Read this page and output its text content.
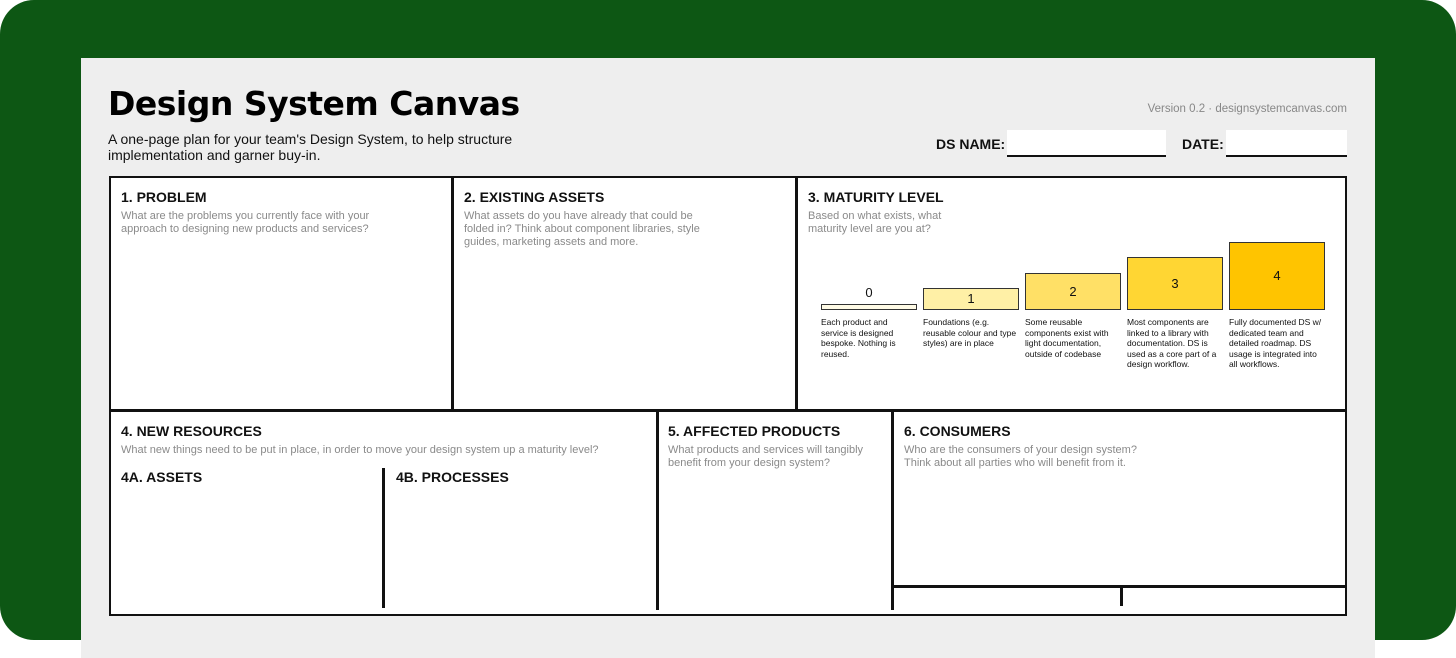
Design System Canvas
A one-page plan for your team's Design System, to help structure implementation and garner buy-in.
Version 0.2 · designsystemcanvas.com
DS NAME:	DATE:
1. PROBLEM
What are the problems you currently face with your approach to designing new products and services?
2. EXISTING ASSETS
What assets do you have already that could be folded in? Think about component libraries, style guides, marketing assets and more.
3. MATURITY LEVEL
Based on what exists, what maturity level are you at?
0
Each product and service is designed bespoke. Nothing is reused.
1
Foundations (e.g. reusable colour and type styles) are in place
2
Some reusable components exist with light documentation, outside of codebase
3
Most components are linked to a library with documentation. DS is used as a core part of a design workflow.
4
Fully documented DS w/ dedicated team and detailed roadmap. DS usage is integrated into all workflows.
4. NEW RESOURCES
What new things need to be put in place, in order to move your design system up a maturity level?
4A. ASSETS	4B. PROCESSES
5. AFFECTED PRODUCTS
What products and services will tangibly benefit from your design system?
6. CONSUMERS
Who are the consumers of your design system? Think about all parties who will benefit from it.
